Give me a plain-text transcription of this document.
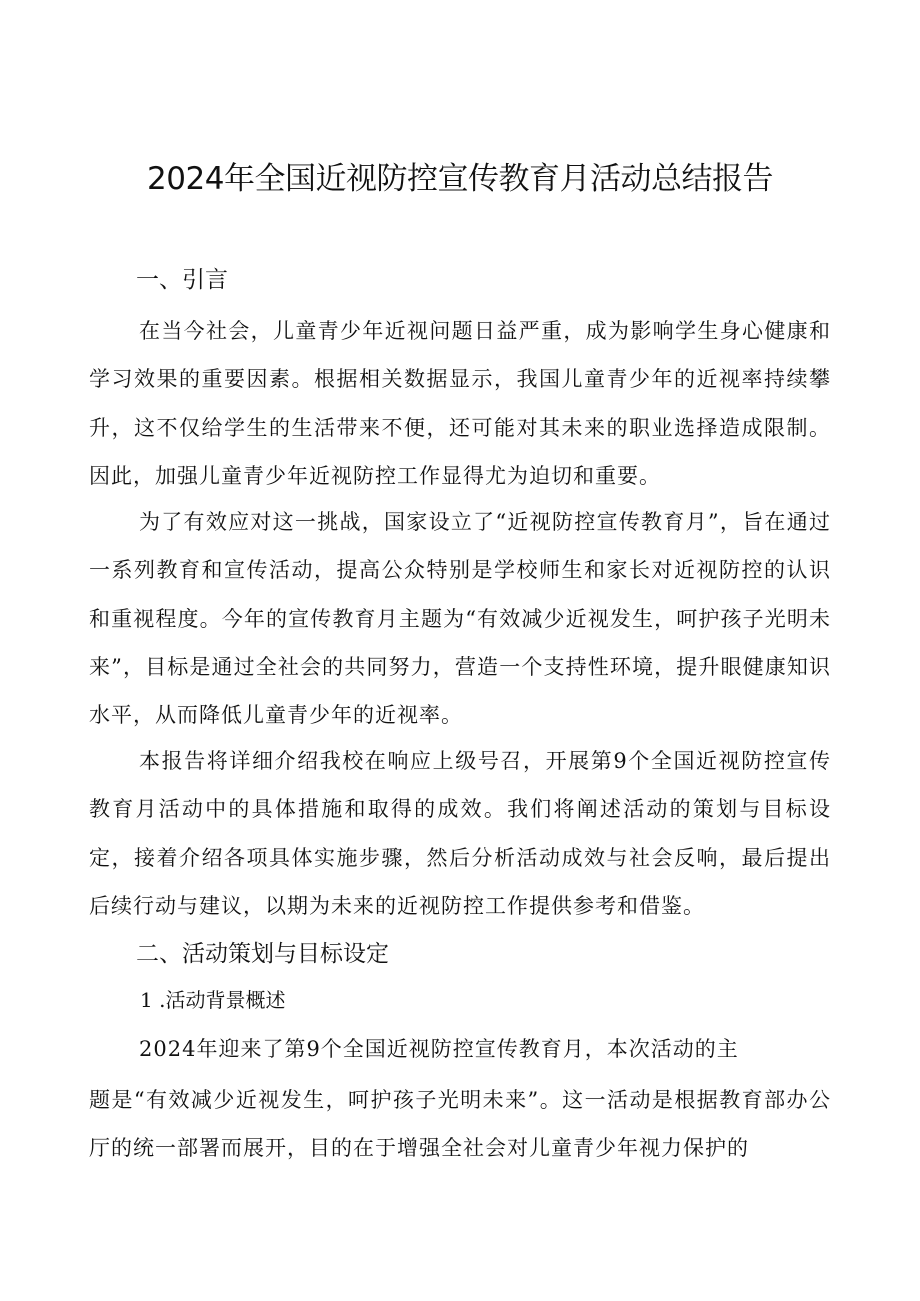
2024年全国近视防控宣传教育月活动总结报告
一、引言
在当今社会，儿童青少年近视问题日益严重，成为影响学生身心健康和学习效果的重要因素。根据相关数据显示，我国儿童青少年的近视率持续攀升，这不仅给学生的生活带来不便，还可能对其未来的职业选择造成限制。因此，加强儿童青少年近视防控工作显得尤为迫切和重要。
为了有效应对这一挑战，国家设立了“近视防控宣传教育月”，旨在通过一系列教育和宣传活动，提高公众特别是学校师生和家长对近视防控的认识和重视程度。今年的宣传教育月主题为“有效减少近视发生，呵护孩子光明未来”，目标是通过全社会的共同努力，营造一个支持性环境，提升眼健康知识水平，从而降低儿童青少年的近视率。
本报告将详细介绍我校在响应上级号召，开展第9个全国近视防控宣传教育月活动中的具体措施和取得的成效。我们将阐述活动的策划与目标设定，接着介绍各项具体实施步骤，然后分析活动成效与社会反响，最后提出后续行动与建议，以期为未来的近视防控工作提供参考和借鉴。
二、活动策划与目标设定
1 .活动背景概述
2024年迎来了第9个全国近视防控宣传教育月，本次活动的主
题是“有效减少近视发生，呵护孩子光明未来”。这一活动是根据教育部办公厅的统一部署而展开，目的在于增强全社会对儿童青少年视力保护的
